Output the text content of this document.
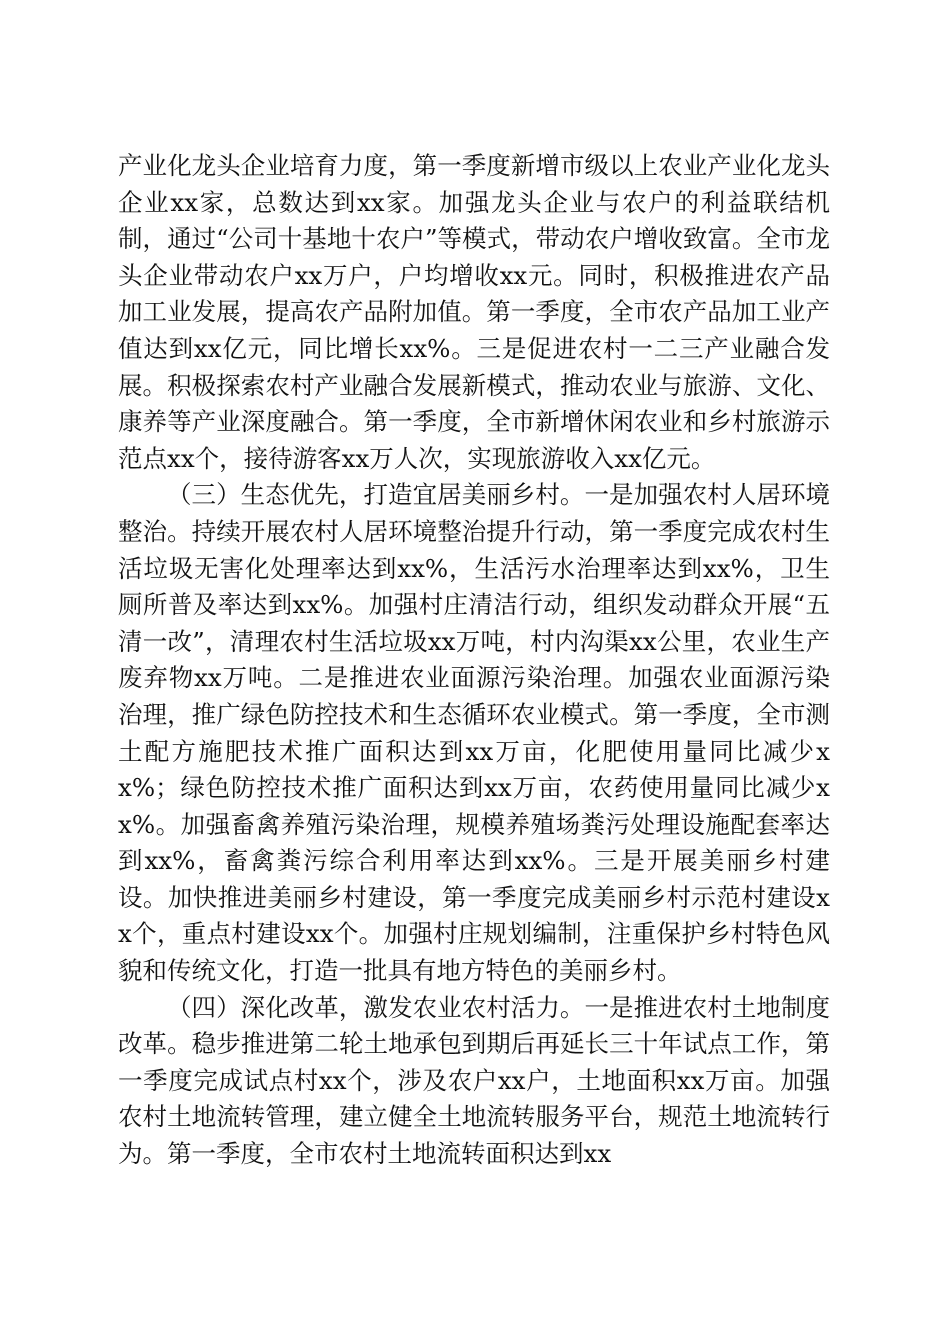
产业化龙头企业培育力度，第一季度新增市级以上农业产业化龙头企业xx家，总数达到xx家。加强龙头企业与农户的利益联结机制，通过“公司十基地十农户”等模式，带动农户增收致富。全市龙头企业带动农户xx万户，户均增收xx元。同时，积极推进农产品加工业发展，提高农产品附加值。第一季度，全市农产品加工业产值达到xx亿元，同比增长xx%。三是促进农村一二三产业融合发展。积极探索农村产业融合发展新模式，推动农业与旅游、文化、康养等产业深度融合。第一季度，全市新增休闲农业和乡村旅游示范点xx个，接待游客xx万人次，实现旅游收入xx亿元。

（三）生态优先，打造宜居美丽乡村。一是加强农村人居环境整治。持续开展农村人居环境整治提升行动，第一季度完成农村生活垃圾无害化处理率达到xx%，生活污水治理率达到xx%，卫生厕所普及率达到xx%。加强村庄清洁行动，组织发动群众开展“五清一改”，清理农村生活垃圾xx万吨，村内沟渠xx公里，农业生产废弃物xx万吨。二是推进农业面源污染治理。加强农业面源污染治理，推广绿色防控技术和生态循环农业模式。第一季度，全市测土配方施肥技术推广面积达到xx万亩，化肥使用量同比减少xx%；绿色防控技术推广面积达到xx万亩，农药使用量同比减少xx%。加强畜禽养殖污染治理，规模养殖场粪污处理设施配套率达到xx%，畜禽粪污综合利用率达到xx%。三是开展美丽乡村建设。加快推进美丽乡村建设，第一季度完成美丽乡村示范村建设xx个，重点村建设xx个。加强村庄规划编制，注重保护乡村特色风貌和传统文化，打造一批具有地方特色的美丽乡村。

（四）深化改革，激发农业农村活力。一是推进农村土地制度改革。稳步推进第二轮土地承包到期后再延长三十年试点工作，第一季度完成试点村xx个，涉及农户xx户，土地面积xx万亩。加强农村土地流转管理，建立健全土地流转服务平台，规范土地流转行为。第一季度，全市农村土地流转面积达到xx
